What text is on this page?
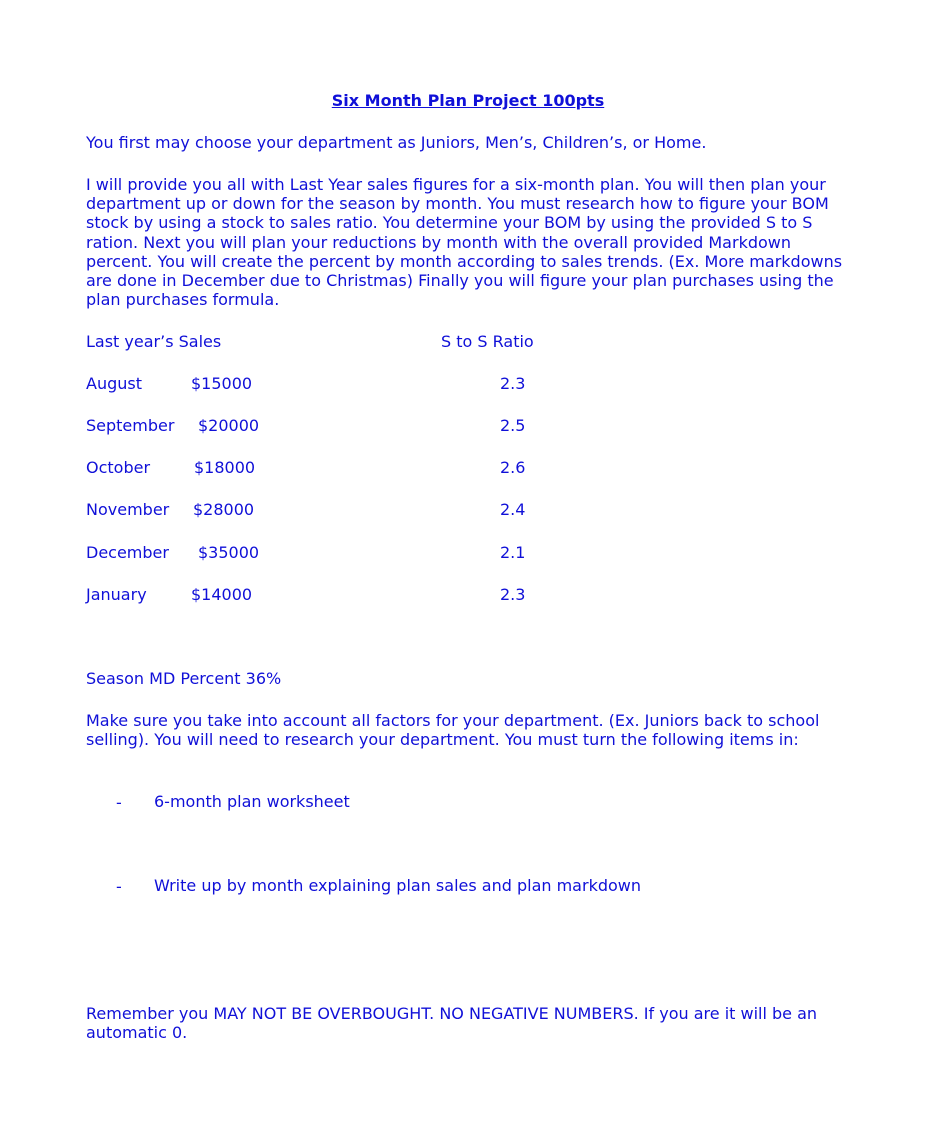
Six Month Plan Project 100pts
You first may choose your department as Juniors, Men’s, Children’s, or Home.
I will provide you all with Last Year sales figures for a six-month plan. You will then plan your department up or down for the season by month. You must research how to figure your BOM stock by using a stock to sales ratio. You determine your BOM by using the provided S to S ration. Next you will plan your reductions by month with the overall provided Markdown percent. You will create the percent by month according to sales trends. (Ex. More markdowns are done in December due to Christmas) Finally you will figure your plan purchases using the plan purchases formula.
Last year’s Sales	S to S Ratio
August	$15000	2.3
September $20000	2.5
October	$18000	2.6
November $28000	2.4
December $35000	2.1
January	$14000	2.3
Season MD Percent 36%
Make sure you take into account all factors for your department. (Ex. Juniors back to school selling). You will need to research your department. You must turn the following items in:
- 6-month plan worksheet
- Write up by month explaining plan sales and plan markdown
Remember you MAY NOT BE OVERBOUGHT. NO NEGATIVE NUMBERS. If you are it will be an automatic 0.
